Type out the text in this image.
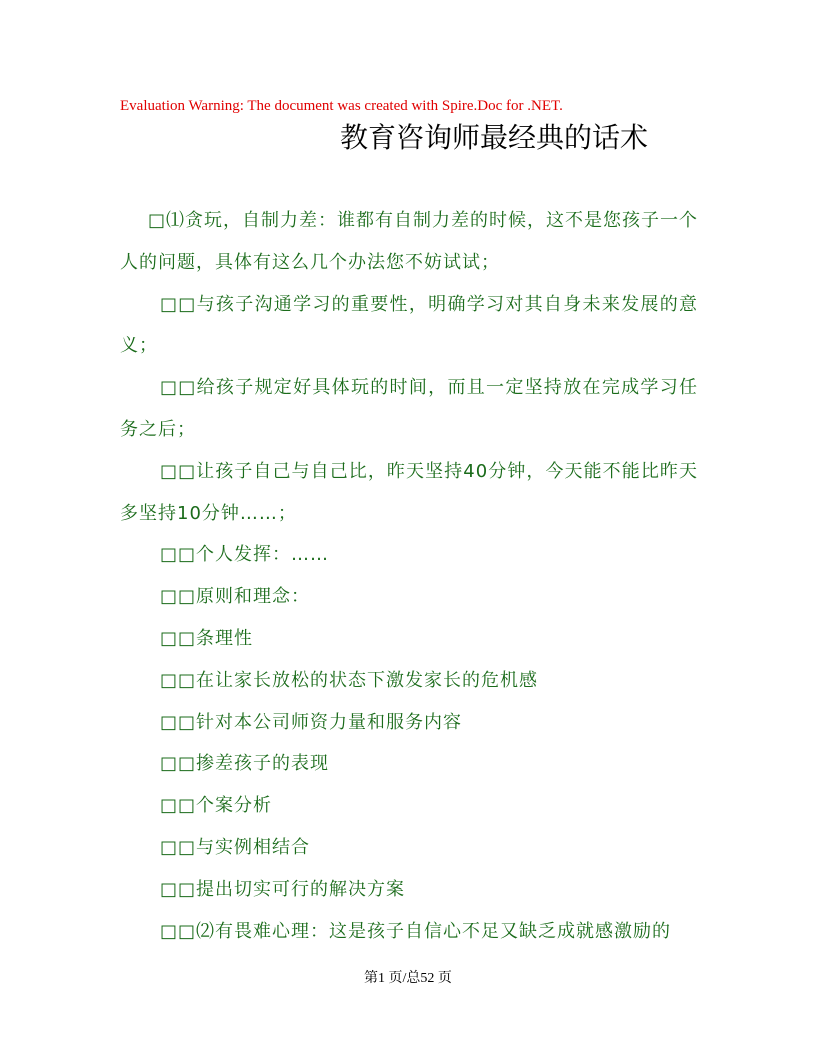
Evaluation Warning: The document was created with Spire.Doc for .NET.
教育咨询师最经典的话术

□⑴贪玩，自制力差：谁都有自制力差的时候，这不是您孩子一个人的问题，具体有这么几个办法您不妨试试；

□□与孩子沟通学习的重要性，明确学习对其自身未来发展的意义；

□□给孩子规定好具体玩的时间，而且一定坚持放在完成学习任务之后；

□□让孩子自己与自己比，昨天坚持40分钟，今天能不能比昨天多坚持10分钟……；

□□个人发挥：……

□□原则和理念：

□□条理性

□□在让家长放松的状态下激发家长的危机感

□□针对本公司师资力量和服务内容

□□掺差孩子的表现

□□个案分析

□□与实例相结合

□□提出切实可行的解决方案

□□⑵有畏难心理：这是孩子自信心不足又缺乏成就感激励的

第1 页/总52 页
